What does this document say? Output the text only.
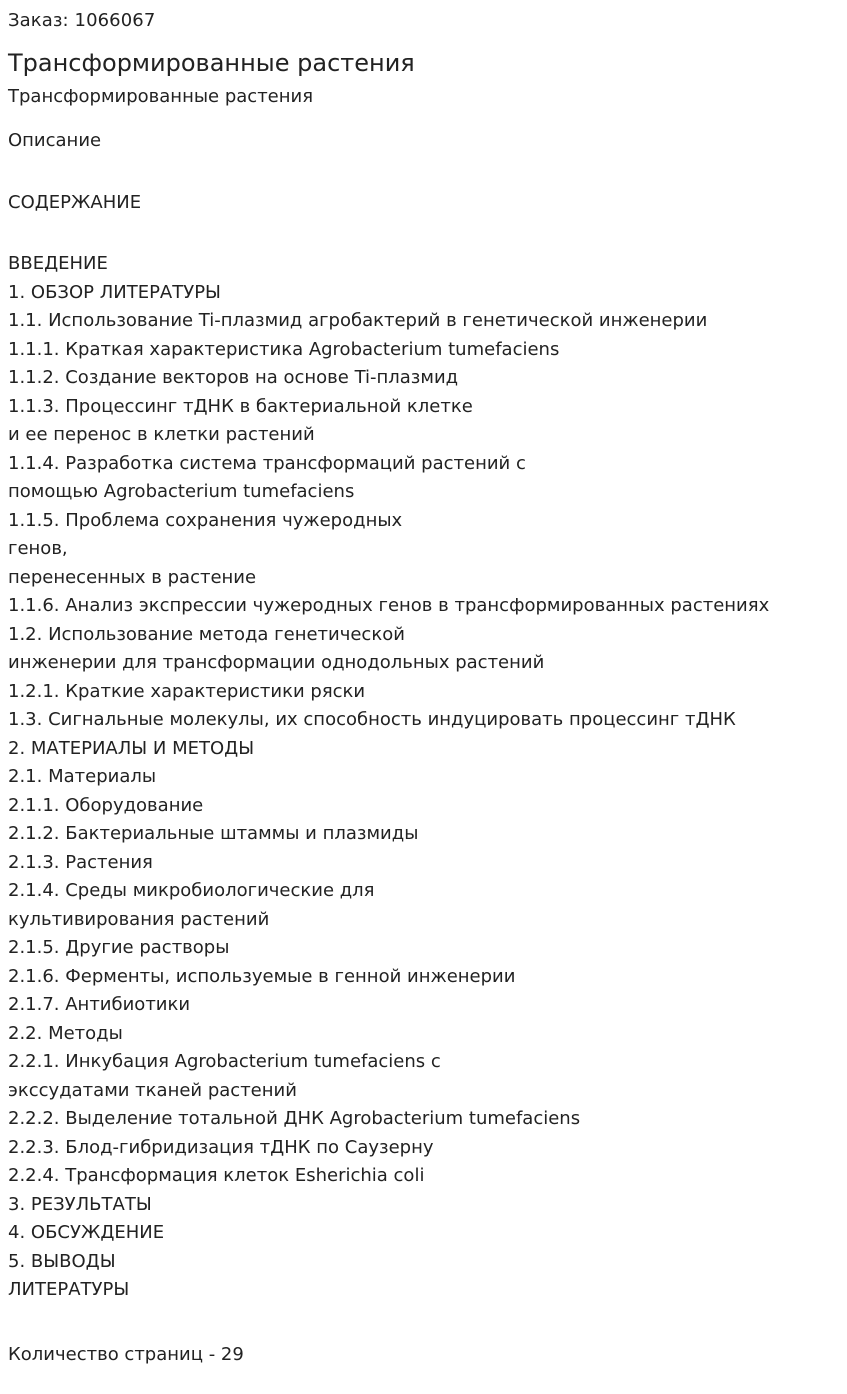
Заказ: 1066067
Трансформированные растения
Трансформированные растения
Описание
СОДЕРЖАНИЕ
ВВЕДЕНИЕ
1. ОБЗОР ЛИТЕРАТУРЫ
1.1. Использование Ti-плазмид агробактерий в генетической инженерии
1.1.1. Краткая характеристика Agrobacterium tumefaciens
1.1.2. Создание векторов на основе Ti-плазмид
1.1.3. Процессинг тДНК в бактериальной клетке
и ее перенос в клетки растений
1.1.4. Разработка система трансформаций растений с
помощью Agrobacterium tumefaciens
1.1.5. Проблема сохранения чужеродных
генов,
перенесенных в растение
1.1.6. Анализ экспрессии чужеродных генов в трансформированных растениях
1.2. Использование метода генетической
инженерии для трансформации однодольных растений
1.2.1. Краткие характеристики ряски
1.3. Сигнальные молекулы, их способность индуцировать процессинг тДНК
2. МАТЕРИАЛЫ И МЕТОДЫ
2.1. Материалы
2.1.1. Оборудование
2.1.2. Бактериальные штаммы и плазмиды
2.1.3. Растения
2.1.4. Среды микробиологические для
культивирования растений
2.1.5. Другие растворы
2.1.6. Ферменты, используемые в генной инженерии
2.1.7. Антибиотики
2.2. Методы
2.2.1. Инкубация Agrobacterium tumefaciens с
экссудатами тканей растений
2.2.2. Выделение тотальной ДНК Agrobacterium tumefaciens
2.2.3. Блод-гибридизация тДНК по Саузерну
2.2.4. Трансформация клеток Esherichia coli
3. РЕЗУЛЬТАТЫ
4. ОБСУЖДЕНИЕ
5. ВЫВОДЫ
ЛИТЕРАТУРЫ
Количество страниц - 29
